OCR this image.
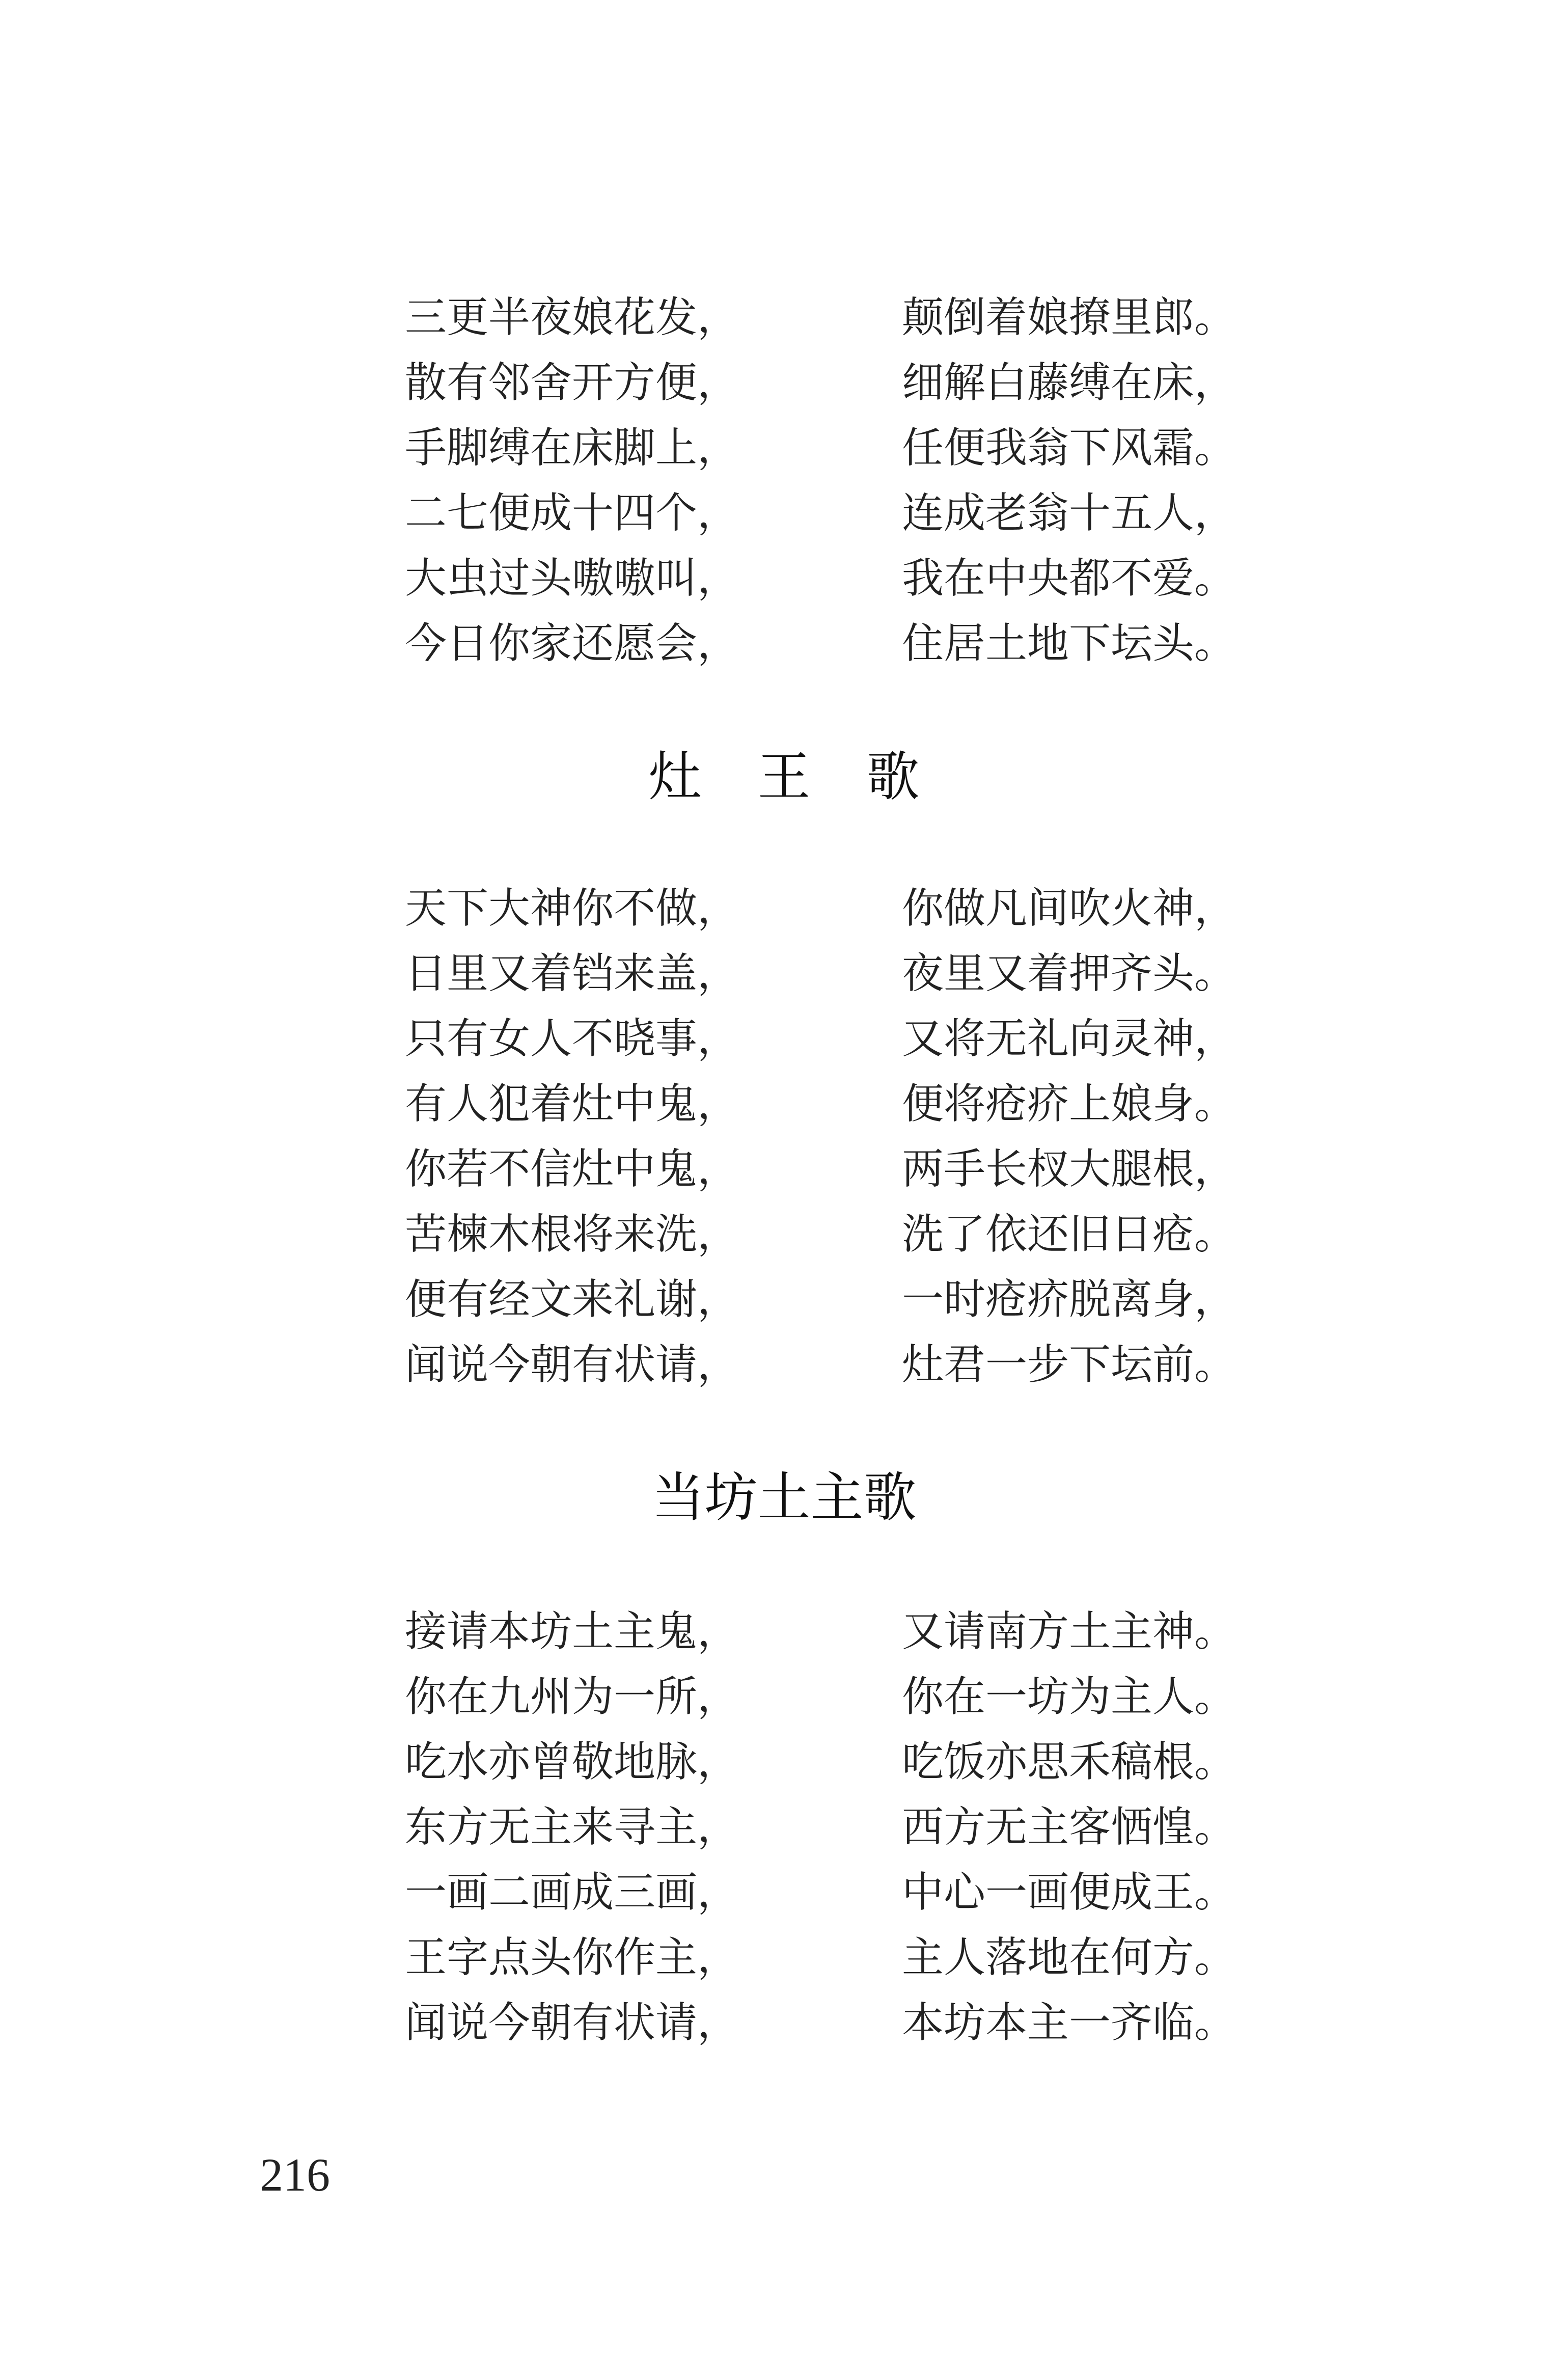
三更半夜娘花发，	颠倒着娘撩里郎。
散有邻舍开方便，	细解白藤缚在床，
手脚缚在床脚上，	任便我翁下风霜。
二七便成十四个，	连成老翁十五人，
大虫过头嗷嗷叫，	我在中央都不爱。
今日你家还愿会，	住居土地下坛头。
灶王歌
天下大神你不做，	你做凡间吹火神，
日里又着铛来盖，	夜里又着押齐头。
只有女人不晓事，	又将无礼向灵神，
有人犯着灶中鬼，	便将疮疥上娘身。
你若不信灶中鬼，	两手长杈大腿根，
苦楝木根将来洗，	洗了依还旧日疮。
便有经文来礼谢，	一时疮疥脱离身，
闻说今朝有状请，	灶君一步下坛前。
当坊土主歌
接请本坊土主鬼，	又请南方土主神。
你在九州为一所，	你在一坊为主人。
吃水亦曾敬地脉，	吃饭亦思禾稿根。
东方无主来寻主，	西方无主客恓惶。
一画二画成三画，	中心一画便成王。
王字点头你作主，	主人落地在何方。
闻说今朝有状请，	本坊本主一齐临。
216
